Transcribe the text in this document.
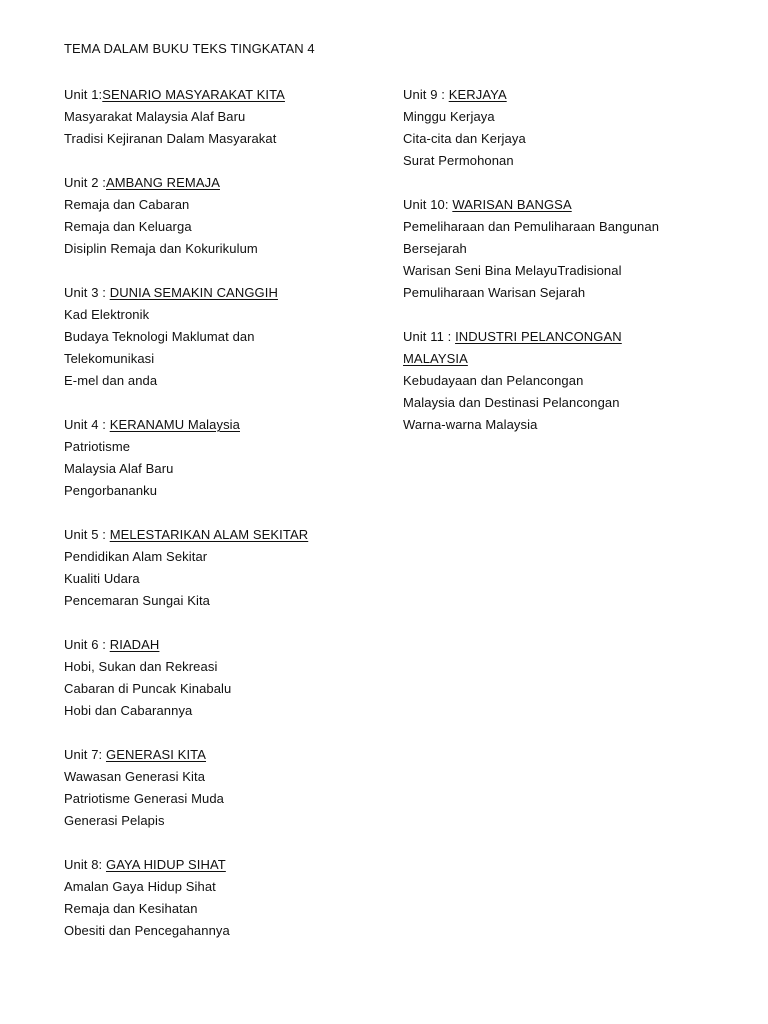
TEMA DALAM BUKU TEKS TINGKATAN 4
Unit 1:SENARIO MASYARAKAT KITA
Masyarakat Malaysia Alaf Baru
Tradisi Kejiranan Dalam Masyarakat
Unit 2 :AMBANG REMAJA
Remaja dan Cabaran
Remaja dan Keluarga
Disiplin Remaja dan Kokurikulum
Unit 3 : DUNIA SEMAKIN CANGGIH
Kad Elektronik
Budaya Teknologi Maklumat dan
Telekomunikasi
E-mel dan anda
Unit 4 : KERANAMU Malaysia
Patriotisme
Malaysia Alaf Baru
Pengorbananku
Unit 5 : MELESTARIKAN ALAM SEKITAR
Pendidikan Alam Sekitar
Kualiti Udara
Pencemaran Sungai Kita
Unit 6 : RIADAH
Hobi, Sukan dan Rekreasi
Cabaran di Puncak Kinabalu
Hobi dan Cabarannya
Unit 7: GENERASI KITA
Wawasan Generasi Kita
Patriotisme Generasi Muda
Generasi Pelapis
Unit 8: GAYA HIDUP SIHAT
Amalan Gaya Hidup Sihat
Remaja dan Kesihatan
Obesiti dan Pencegahannya
Unit 9 : KERJAYA
Minggu Kerjaya
Cita-cita dan Kerjaya
Surat Permohonan
Unit 10: WARISAN BANGSA
Pemeliharaan dan Pemuliharaan Bangunan
Bersejarah
Warisan Seni Bina MelayuTradisional
Pemuliharaan Warisan Sejarah
Unit 11 : INDUSTRI PELANCONGAN MALAYSIA
Kebudayaan dan Pelancongan
Malaysia dan Destinasi Pelancongan
Warna-warna Malaysia
